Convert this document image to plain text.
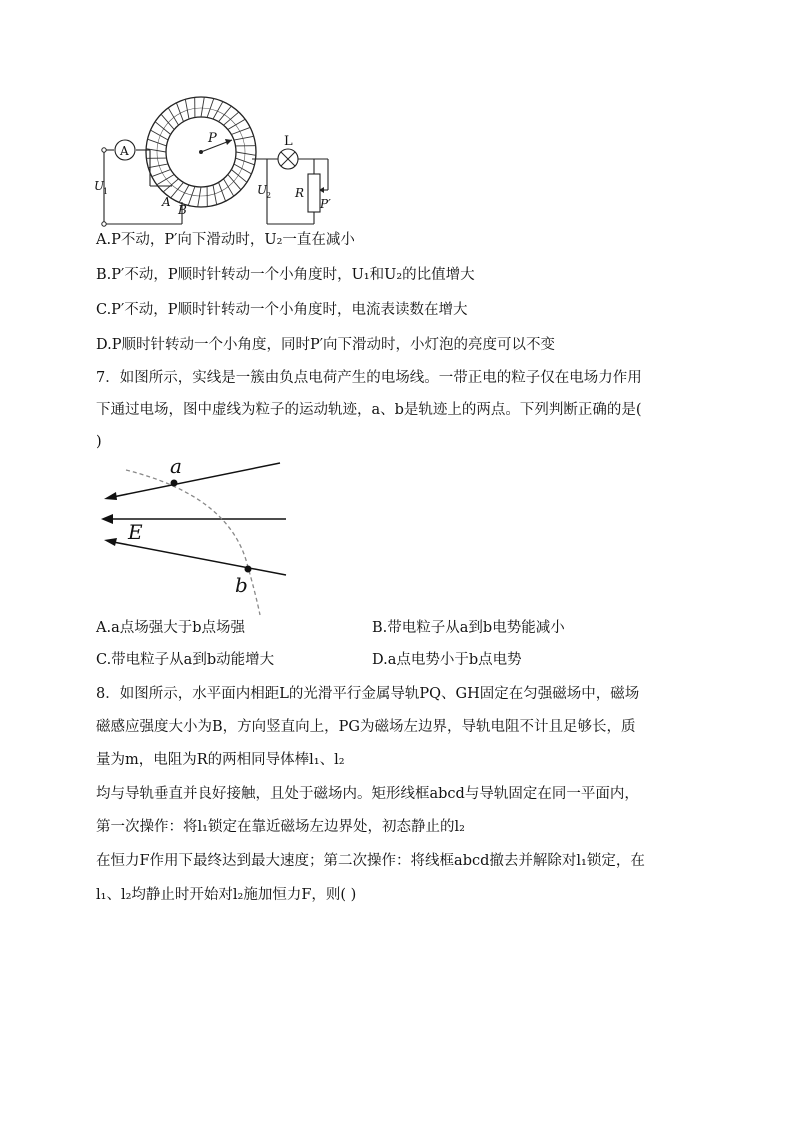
P
A
U
1
A
B
L
R
P′
U
2
A.P不动，P′向下滑动时，U₂一直在减小
B.P′不动，P顺时针转动一个小角度时，U₁和U₂的比值增大
C.P′不动，P顺时针转动一个小角度时，电流表读数在增大
D.P顺时针转动一个小角度，同时P′向下滑动时，小灯泡的亮度可以不变
7．如图所示，实线是一簇由负点电荷产生的电场线。一带正电的粒子仅在电场力作用
下通过电场，图中虚线为粒子的运动轨迹，a、b是轨迹上的两点。下列判断正确的是(
)
a
b
E
A.a点场强大于b点场强	B.带电粒子从a到b电势能减小
C.带电粒子从a到b动能增大	D.a点电势小于b点电势
8．如图所示，水平面内相距L的光滑平行金属导轨PQ、GH固定在匀强磁场中，磁场
磁感应强度大小为B，方向竖直向上，PG为磁场左边界，导轨电阻不计且足够长，质
量为m，电阻为R的两相同导体棒l₁、l₂
均与导轨垂直并良好接触，且处于磁场内。矩形线框abcd与导轨固定在同一平面内，
第一次操作：将l₁锁定在靠近磁场左边界处，初态静止的l₂
在恒力F作用下最终达到最大速度；第二次操作：将线框abcd撤去并解除对l₁锁定，在
l₁、l₂均静止时开始对l₂施加恒力F，则( )
